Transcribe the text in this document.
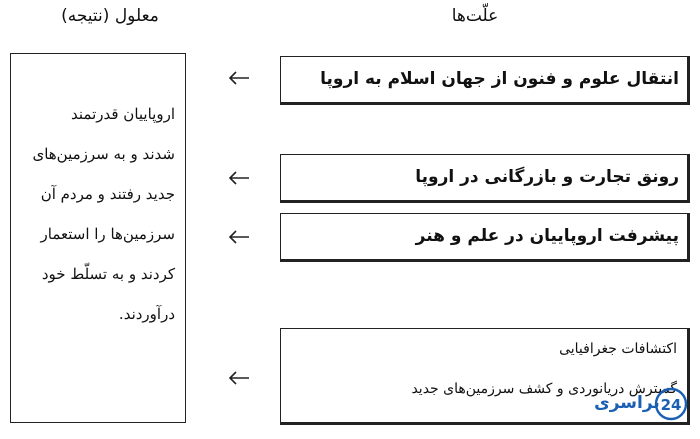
معلول (نتیجه)	علّت‌ها
اروپاییان قدرتمند
شدند و به سرزمین‌های
جدید رفتند و مردم آن
سرزمین‌ها را استعمار
کردند و به تسلّط خود
درآوردند.
انتقال علوم و فنون از جهان اسلام به اروپا
رونق تجارت و بازرگانی در اروپا
پیشرفت اروپاییان در علم و هنر
اکتشافات جغرافیایی
گسترش دریانوردی و کشف سرزمین‌های جدید
24
نراسری
